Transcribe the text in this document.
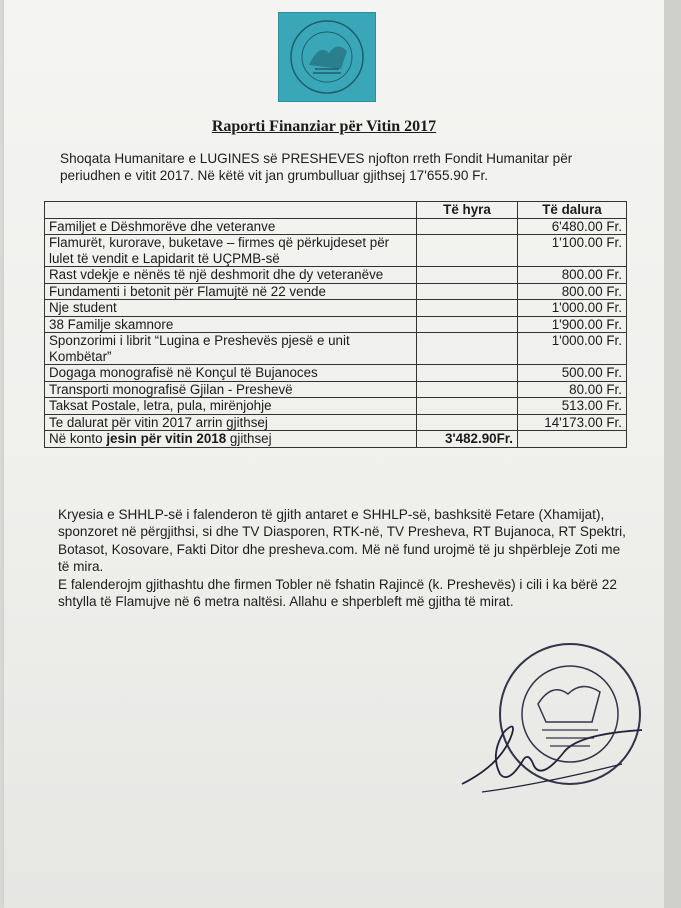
Raporti Finanziar për Vitin 2017
Shoqata Humanitare e LUGINES së PRESHEVES njofton rreth Fondit Humanitar për periudhen e vitit 2017. Në këtë vit jan grumbulluar gjithsej 17'655.90 Fr.
	Të hyra	Të dalura
Familjet e Dëshmorëve dhe veteranve		6'480.00 Fr.
Flamurët, kurorave, buketave – firmes që përkujdeset për lulet të vendit e Lapidarit të UÇPMB-së		1'100.00 Fr.
Rast vdekje e nënës të një deshmorit dhe dy veteranëve		800.00 Fr.
Fundamenti i betonit për Flamujtë në 22 vende		800.00 Fr.
Nje student		1'000.00 Fr.
38 Familje skamnore		1'900.00 Fr.
Sponzorimi i librit “Lugina e Preshevës pjesë e unit Kombëtar”		1'000.00 Fr.
Dogaga monografisë në Konçul të Bujanoces		500.00 Fr.
Transporti monografisë Gjilan - Preshevë		80.00 Fr.
Taksat Postale, letra, pula, mirënjohje		513.00 Fr.
Te dalurat për vitin 2017 arrin gjithsej		14'173.00 Fr.
Në konto jesin për vitin 2018 gjithsej	3'482.90Fr.	

Kryesia e SHHLP-së i falenderon të gjith antaret e SHHLP-së, bashksitë Fetare (Xhamijat), sponzoret në përgjithsi, si dhe TV Diasporen, RTK-në, TV Presheva, RT Bujanoca, RT Spektri, Botasot, Kosovare, Fakti Ditor dhe presheva.com. Më në fund urojmë të ju shpërbleje Zoti me të mira.

E falenderojm gjithashtu dhe firmen Tobler në fshatin Rajincë (k. Preshevës) i cili i ka bërë 22 shtylla të Flamujve në 6 metra naltësi. Allahu e shperbleft më gjitha të mirat.
